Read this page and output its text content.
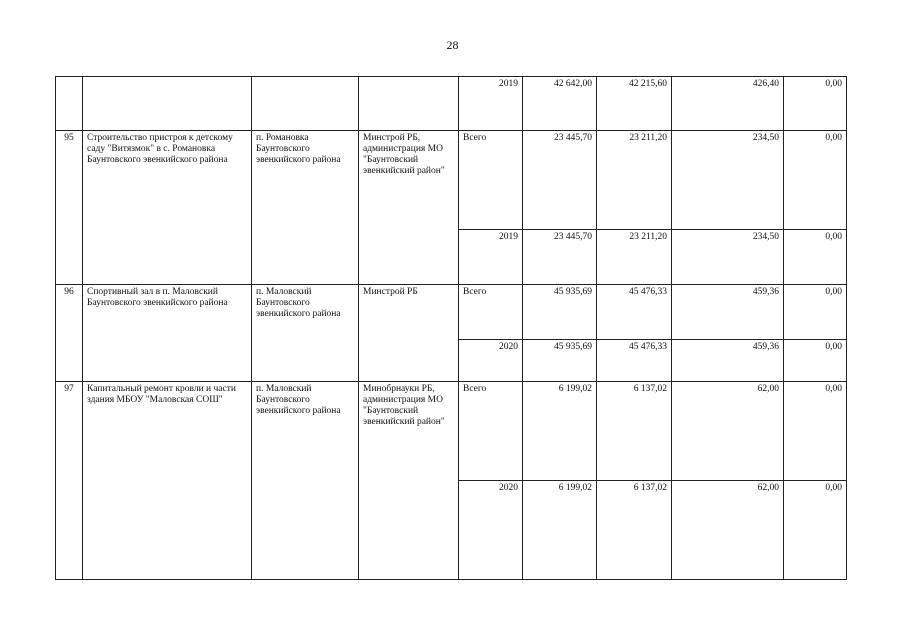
28
				2019	42 642,00	42 215,60	426,40	0,00
95	Строительство пристроя к детскому саду "Витязмок" в с. Романовка Баунтовского эвенкийского района	п. Романовка Баунтовского эвенкийского района	Минстрой РБ, администрация МО "Баунтовский эвенкийский район"	Всего	23 445,70	23 211,20	234,50	0,00
				2019	23 445,70	23 211,20	234,50	0,00
96	Спортивный зал в п. Маловский Баунтовского эвенкийского района	п. Маловский Баунтовского эвенкийского района	Минстрой РБ	Всего	45 935,69	45 476,33	459,36	0,00
				2020	45 935,69	45 476,33	459,36	0,00
97	Капитальный ремонт кровли и части здания МБОУ "Маловская СОШ"	п. Маловский Баунтовского эвенкийского района	Минобрнауки РБ, администрация МО "Баунтовский эвенкийский район"	Всего	6 199,02	6 137,02	62,00	0,00
				2020	6 199,02	6 137,02	62,00	0,00
